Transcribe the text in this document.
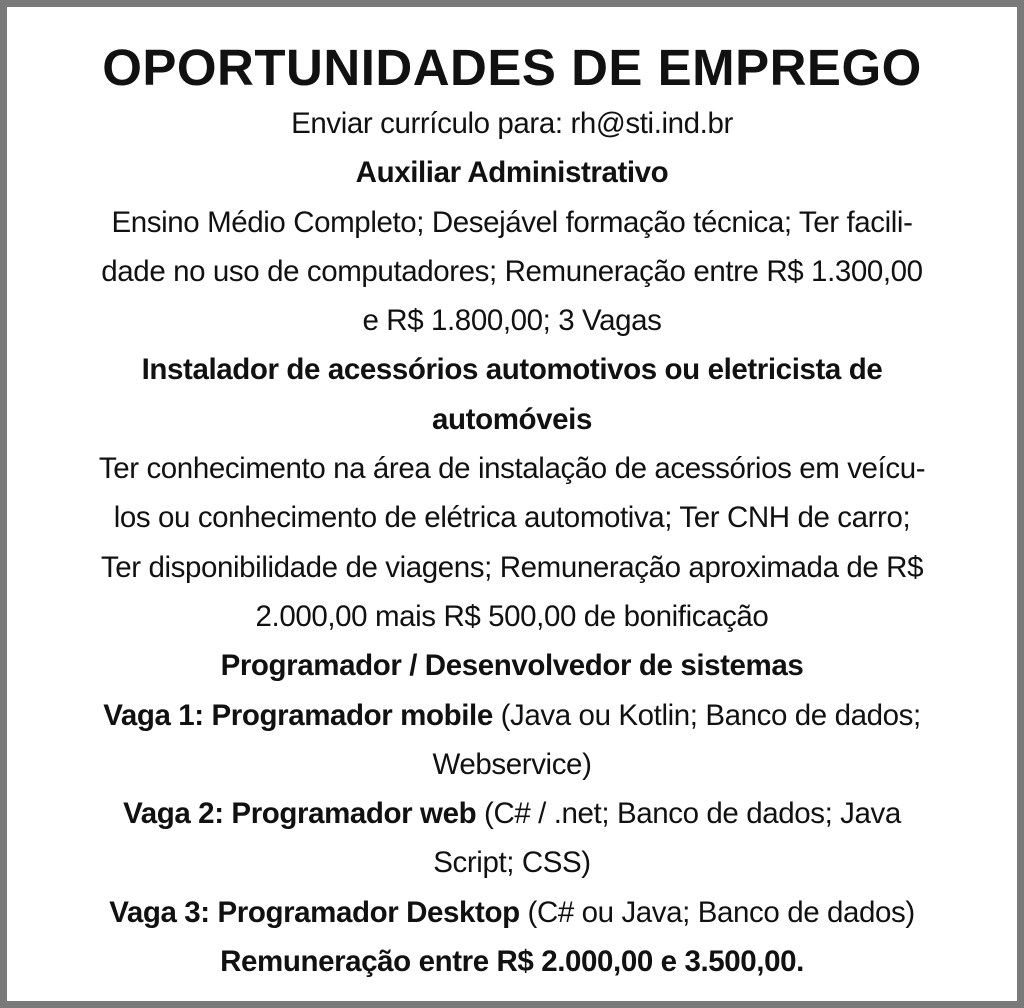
OPORTUNIDADES DE EMPREGO
Enviar currículo para: rh@sti.ind.br
Auxiliar Administrativo
Ensino Médio Completo; Desejável formação técnica; Ter facili-
dade no uso de computadores; Remuneração entre R$ 1.300,00
e R$ 1.800,00; 3 Vagas
Instalador de acessórios automotivos ou eletricista de
automóveis
Ter conhecimento na área de instalação de acessórios em veícu-
los ou conhecimento de elétrica automotiva; Ter CNH de carro;
Ter disponibilidade de viagens; Remuneração aproximada de R$
2.000,00 mais R$ 500,00 de bonificação
Programador / Desenvolvedor de sistemas
Vaga 1: Programador mobile (Java ou Kotlin; Banco de dados;
Webservice)
Vaga 2: Programador web (C# / .net; Banco de dados; Java
Script; CSS)
Vaga 3: Programador Desktop (C# ou Java; Banco de dados)
Remuneração entre R$ 2.000,00 e 3.500,00.
